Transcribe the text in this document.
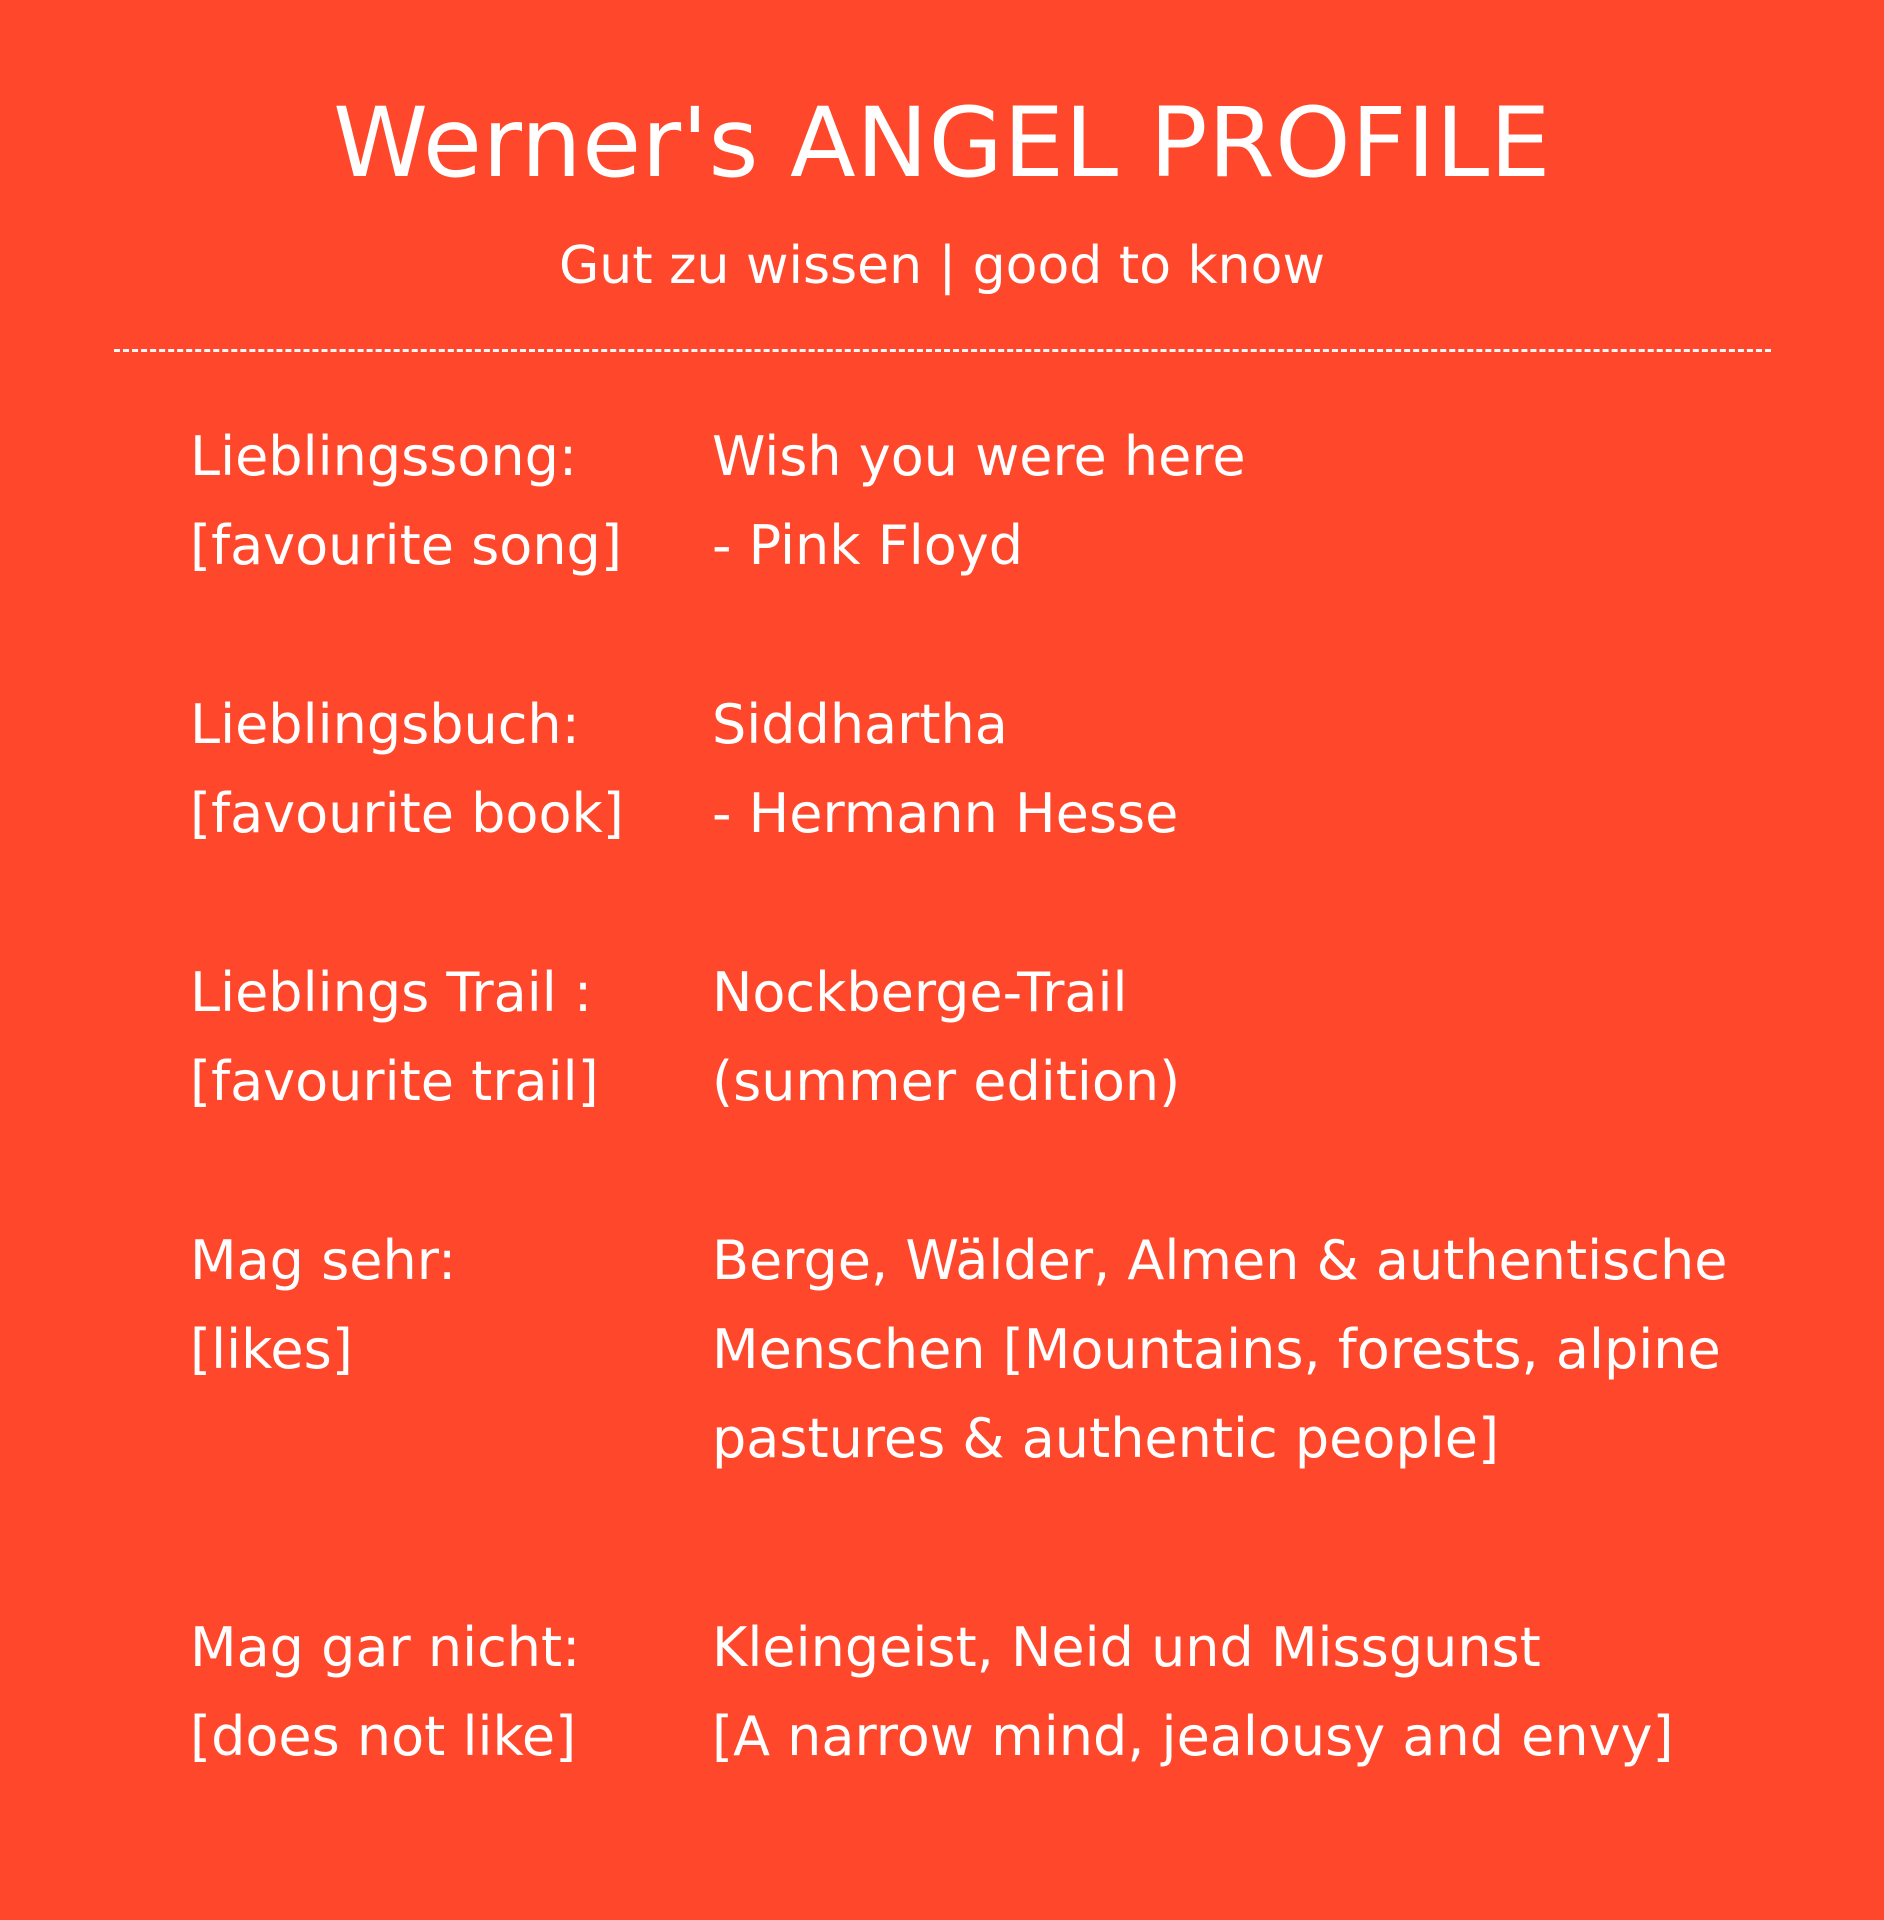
Werner's ANGEL PROFILE
Gut zu wissen | good to know
Lieblingssong:
[favourite song]
Wish you were here
- Pink Floyd
Lieblingsbuch:
[favourite book]
Siddhartha
- Hermann Hesse
Lieblings Trail :
[favourite trail]
Nockberge-Trail
(summer edition)
Mag sehr:
[likes]
Berge, Wälder, Almen & authentische
Menschen [Mountains, forests, alpine
pastures & authentic people]
Mag gar nicht:
[does not like]
Kleingeist, Neid und Missgunst
[A narrow mind, jealousy and envy]
